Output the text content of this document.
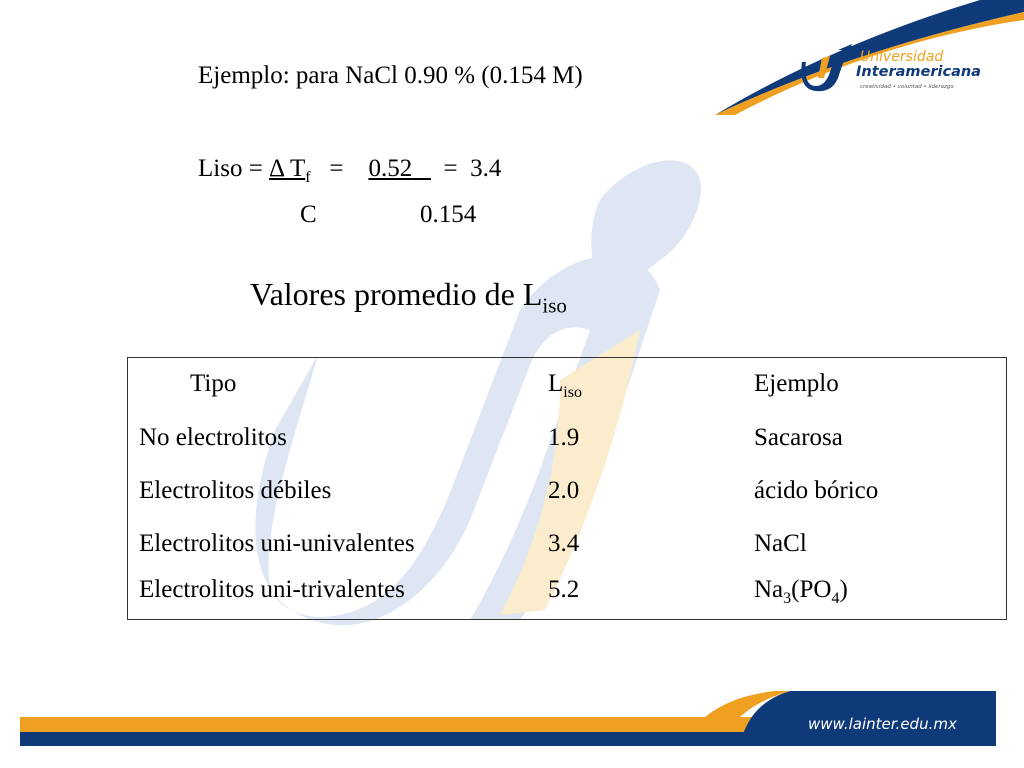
Universidad
Interamericana
creatividad • voluntad • liderazgo
Ejemplo: para NaCl 0.90 % (0.154 M)
Liso = Δ $T_f = 0.52 = 3.4$
C	0.154
Valores promedio de $L_{iso}$
Tipo	$L_{iso}$	Ejemplo
No electrolitos	1.9	Sacarosa
Electrolitos débiles	2.0	ácido bórico
Electrolitos uni-univalentes	3.4	NaCl
Electrolitos uni-trivalentes	5.2	$Na_3(PO_4)$
www.lainter.edu.mx
